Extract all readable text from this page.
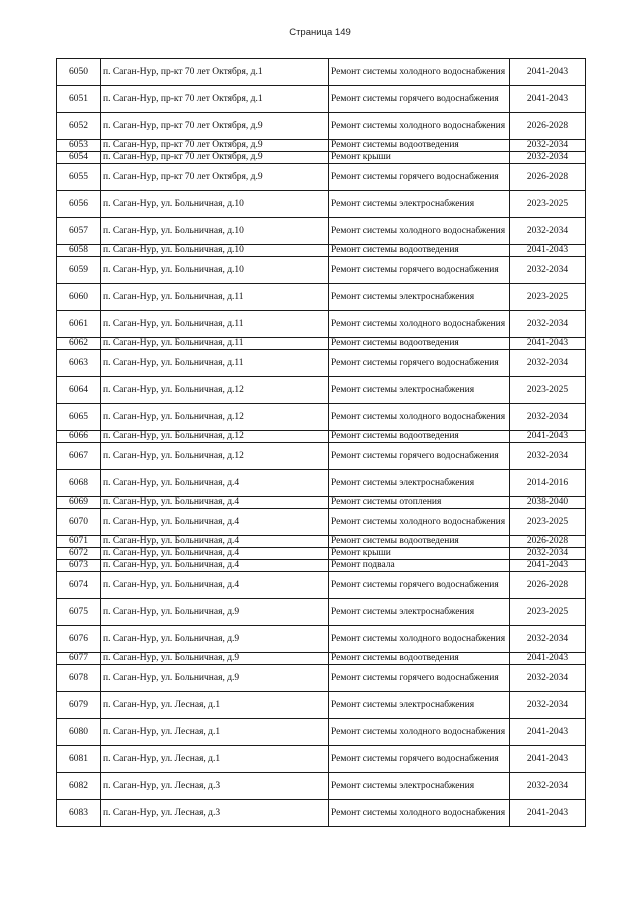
Страница 149
6050	п. Саган-Нур, пр-кт 70 лет Октября, д.1	Ремонт системы холодного водоснабжения	2041-2043
6051	п. Саган-Нур, пр-кт 70 лет Октября, д.1	Ремонт системы горячего водоснабжения	2041-2043
6052	п. Саган-Нур, пр-кт 70 лет Октября, д.9	Ремонт системы холодного водоснабжения	2026-2028
6053	п. Саган-Нур, пр-кт 70 лет Октября, д.9	Ремонт системы водоотведения	2032-2034
6054	п. Саган-Нур, пр-кт 70 лет Октября, д.9	Ремонт крыши	2032-2034
6055	п. Саган-Нур, пр-кт 70 лет Октября, д.9	Ремонт системы горячего водоснабжения	2026-2028
6056	п. Саган-Нур, ул. Больничная, д.10	Ремонт системы электроснабжения	2023-2025
6057	п. Саган-Нур, ул. Больничная, д.10	Ремонт системы холодного водоснабжения	2032-2034
6058	п. Саган-Нур, ул. Больничная, д.10	Ремонт системы водоотведения	2041-2043
6059	п. Саган-Нур, ул. Больничная, д.10	Ремонт системы горячего водоснабжения	2032-2034
6060	п. Саган-Нур, ул. Больничная, д.11	Ремонт системы электроснабжения	2023-2025
6061	п. Саган-Нур, ул. Больничная, д.11	Ремонт системы холодного водоснабжения	2032-2034
6062	п. Саган-Нур, ул. Больничная, д.11	Ремонт системы водоотведения	2041-2043
6063	п. Саган-Нур, ул. Больничная, д.11	Ремонт системы горячего водоснабжения	2032-2034
6064	п. Саган-Нур, ул. Больничная, д.12	Ремонт системы электроснабжения	2023-2025
6065	п. Саган-Нур, ул. Больничная, д.12	Ремонт системы холодного водоснабжения	2032-2034
6066	п. Саган-Нур, ул. Больничная, д.12	Ремонт системы водоотведения	2041-2043
6067	п. Саган-Нур, ул. Больничная, д.12	Ремонт системы горячего водоснабжения	2032-2034
6068	п. Саган-Нур, ул. Больничная, д.4	Ремонт системы электроснабжения	2014-2016
6069	п. Саган-Нур, ул. Больничная, д.4	Ремонт системы отопления	2038-2040
6070	п. Саган-Нур, ул. Больничная, д.4	Ремонт системы холодного водоснабжения	2023-2025
6071	п. Саган-Нур, ул. Больничная, д.4	Ремонт системы водоотведения	2026-2028
6072	п. Саган-Нур, ул. Больничная, д.4	Ремонт крыши	2032-2034
6073	п. Саган-Нур, ул. Больничная, д.4	Ремонт подвала	2041-2043
6074	п. Саган-Нур, ул. Больничная, д.4	Ремонт системы горячего водоснабжения	2026-2028
6075	п. Саган-Нур, ул. Больничная, д.9	Ремонт системы электроснабжения	2023-2025
6076	п. Саган-Нур, ул. Больничная, д.9	Ремонт системы холодного водоснабжения	2032-2034
6077	п. Саган-Нур, ул. Больничная, д.9	Ремонт системы водоотведения	2041-2043
6078	п. Саган-Нур, ул. Больничная, д.9	Ремонт системы горячего водоснабжения	2032-2034
6079	п. Саган-Нур, ул. Лесная, д.1	Ремонт системы электроснабжения	2032-2034
6080	п. Саган-Нур, ул. Лесная, д.1	Ремонт системы холодного водоснабжения	2041-2043
6081	п. Саган-Нур, ул. Лесная, д.1	Ремонт системы горячего водоснабжения	2041-2043
6082	п. Саган-Нур, ул. Лесная, д.3	Ремонт системы электроснабжения	2032-2034
6083	п. Саган-Нур, ул. Лесная, д.3	Ремонт системы холодного водоснабжения	2041-2043
